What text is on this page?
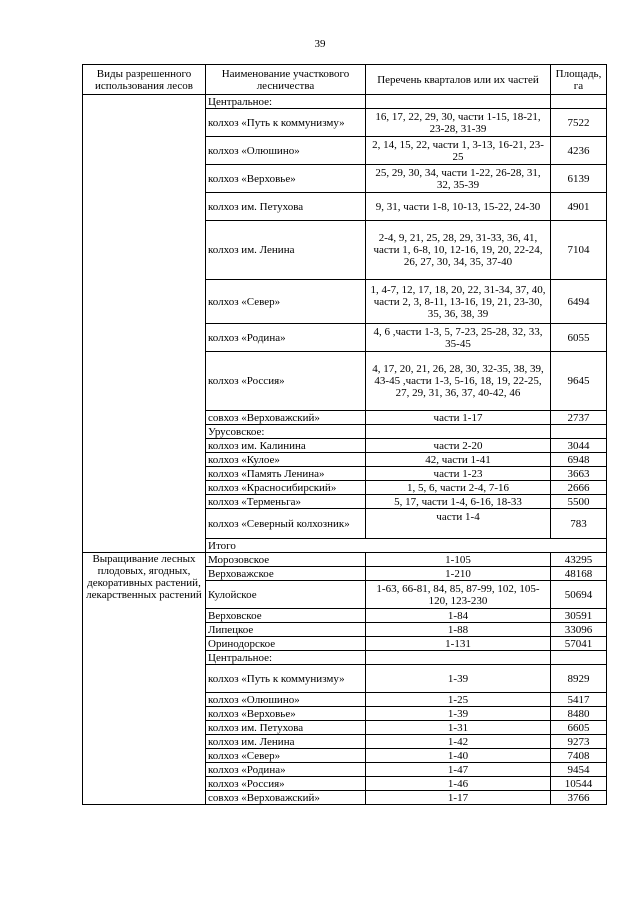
39
Виды разрешенного использования лесов	Наименование участкового лесничества	Перечень кварталов или их частей	Площадь, га	
	Центральное:			
	колхоз «Путь к коммунизму»	16, 17, 22, 29, 30, части 1-15, 18-21, 23-28, 31-39	7522	
	колхоз «Олюшино»	2, 14, 15, 22, части 1, 3-13, 16-21, 23-25	4236	
	колхоз «Верховье»	25, 29, 30, 34, части 1-22, 26-28, 31, 32, 35-39	6139	
	колхоз им. Петухова	9, 31, части 1-8, 10-13, 15-22, 24-30	4901	
	колхоз им. Ленина	2-4, 9, 21, 25, 28, 29, 31-33, 36, 41, части 1, 6-8, 10, 12-16, 19, 20, 22-24, 26, 27, 30, 34, 35, 37-40	7104	
	колхоз «Север»	1, 4-7, 12, 17, 18, 20, 22, 31-34, 37, 40, части 2, 3, 8-11, 13-16, 19, 21, 23-30, 35, 36, 38, 39	6494	
	колхоз «Родина»	4, 6 ,части 1-3, 5, 7-23, 25-28, 32, 33, 35-45	6055	
	колхоз «Россия»	4, 17, 20, 21, 26, 28, 30, 32-35, 38, 39, 43-45 ,части 1-3, 5-16, 18, 19, 22-25, 27, 29, 31, 36, 37, 40-42, 46	9645	
	совхоз «Верховажский»	части 1-17	2737	
	Урусовское:			
	колхоз им. Калинина	части 2-20	3044	
	колхоз «Кулое»	42, части 1-41	6948	
	колхоз «Память Ленина»	части 1-23	3663	
	колхоз «Красносибирский»	1, 5, 6, части 2-4, 7-16	2666	
	колхоз «Терменьга»	5, 17, части 1-4, 6-16, 18-33	5500	
	колхоз «Северный колхозник»	части 1-4	783	
	Итого	
Выращивание лесных плодовых, ягодных, декоративных растений, лекарственных растений	Морозовское	1-105	43295	
	Верховажское	1-210	48168	
	Кулойское	1-63, 66-81, 84, 85, 87-99, 102, 105-120, 123-230	50694	
	Верховское	1-84	30591	
	Липецкое	1-88	33096	
	Оринодорское	1-131	57041	
	Центральное:			
	колхоз «Путь к коммунизму»	1-39	8929	
	колхоз «Олюшино»	1-25	5417	
	колхоз «Верховье»	1-39	8480	
	колхоз им. Петухова	1-31	6605	
	колхоз им. Ленина	1-42	9273	
	колхоз «Север»	1-40	7408	
	колхоз «Родина»	1-47	9454	
	колхоз «Россия»	1-46	10544	
	совхоз «Верховажский»	1-17	3766	
